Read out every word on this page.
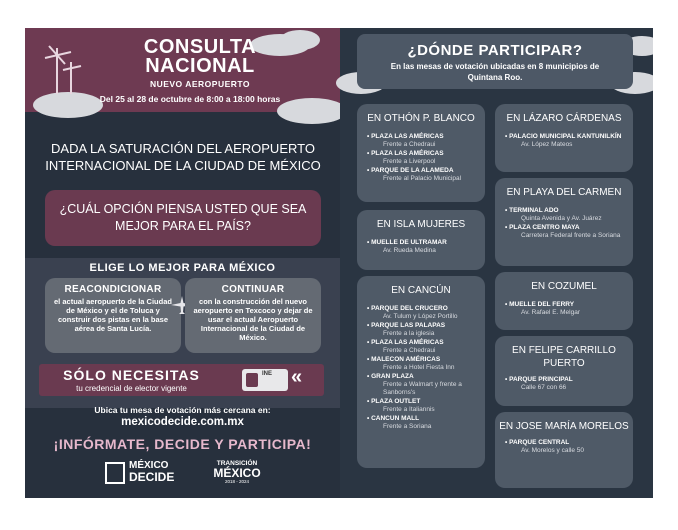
CONSULTA
NACIONAL
NUEVO AEROPUERTO
Del 25 al 28 de octubre de 8:00 a 18:00 horas
DADA LA SATURACIÓN DEL AEROPUERTO INTERNACIONAL DE LA CIUDAD DE MÉXICO
¿CUÁL OPCIÓN PIENSA USTED QUE SEA MEJOR PARA EL PAÍS?
ELIGE LO MEJOR PARA MÉXICO
REACONDICIONAR
el actual aeropuerto de la Ciudad de México y el de Toluca y construir dos pistas en la base aérea de Santa Lucía.
CONTINUAR
con la construcción del nuevo aeropuerto en Texcoco y dejar de usar el actual Aeropuerto Internacional de la Ciudad de México.
SÓLO NECESITAS
tu credencial de elector vigente
INE «
Ubica tu mesa de votación más cercana en:
mexicodecide.com.mx
¡INFÓRMATE, DECIDE Y PARTICIPA!
MÉXICO
DECIDE
TRANSICIÓN
MÉXICO
2018 - 2024
¿DÓNDE PARTICIPAR?
En las mesas de votación ubicadas en 8 municipios de Quintana Roo.
EN OTHÓN P. BLANCO
• PLAZA LAS AMÉRICAS
Frente a Chedraui
• PLAZA LAS AMÉRICAS
Frente a Liverpool
• PARQUE DE LA ALAMEDA
Frente al Palacio Municipal
EN ISLA MUJERES
• MUELLE DE ULTRAMAR
Av. Rueda Medina
EN CANCÚN
• PARQUE DEL CRUCERO
Av. Tulum y López Portillo
• PARQUE LAS PALAPAS
Frente a la iglesia
• PLAZA LAS AMÉRICAS
Frente a Chedraui
• MALECON AMÉRICAS
Frente a Hotel Fiesta Inn
• GRAN PLAZA
Frente a Walmart y frente a Sanborns's
• PLAZA OUTLET
Frente a Italiannis
• CANCUN MALL
Frente a Soriana
EN LÁZARO CÁRDENAS
• PALACIO MUNICIPAL KANTUNILKÍN
Av. López Mateos
EN PLAYA DEL CARMEN
• TERMINAL ADO
Quinta Avenida y Av. Juárez
• PLAZA CENTRO MAYA
Carretera Federal frente a Soriana
EN COZUMEL
• MUELLE DEL FERRY
Av. Rafael E. Melgar
EN FELIPE CARRILLO PUERTO
• PARQUE PRINCIPAL
Calle 67 con 66
EN JOSE MARÍA MORELOS
• PARQUE CENTRAL
Av. Morelos y calle 50
